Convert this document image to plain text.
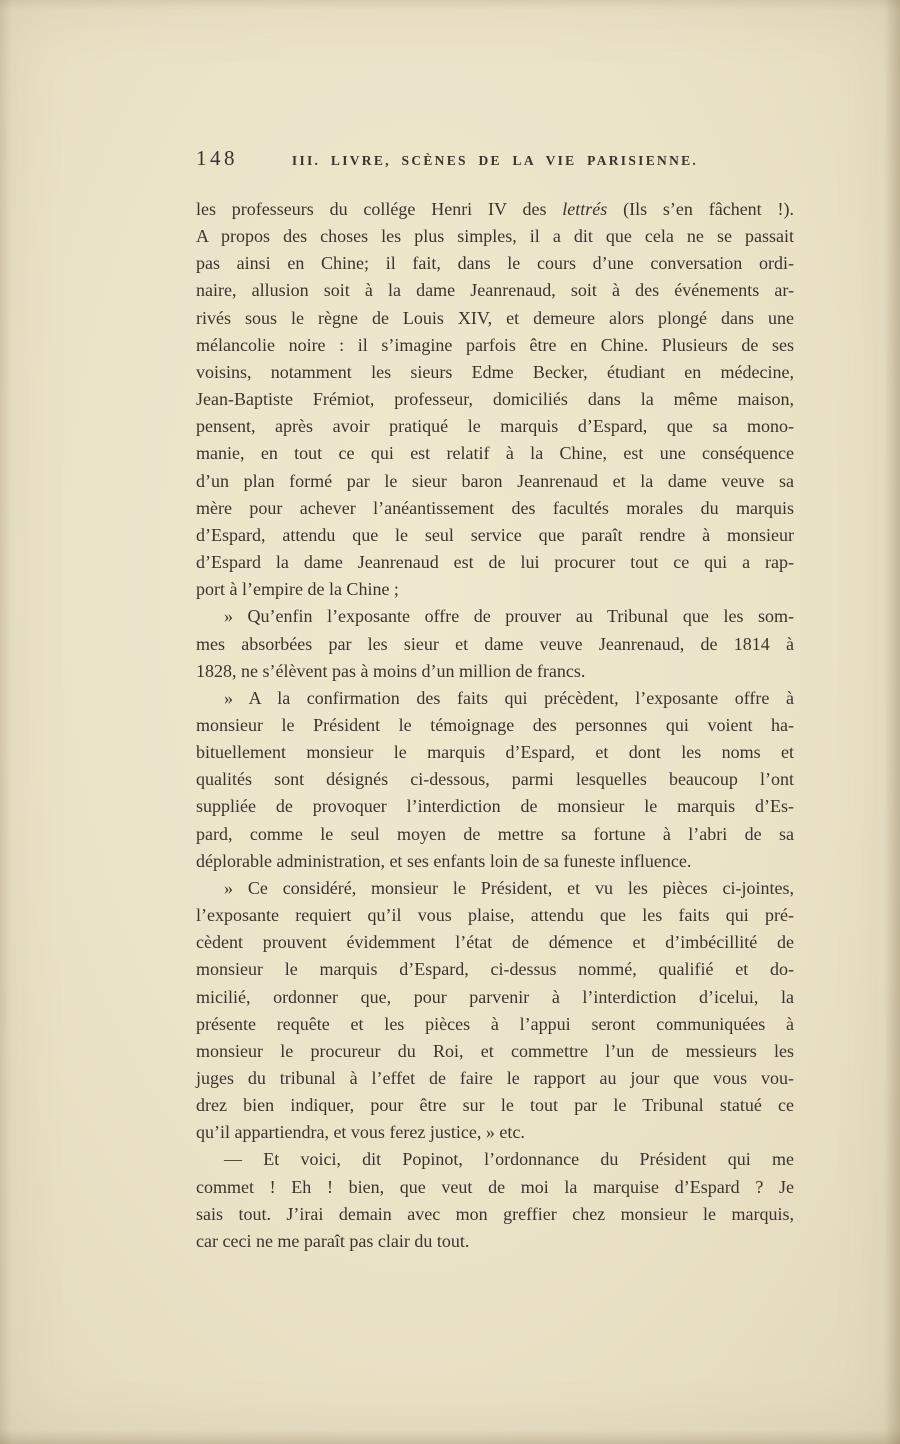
148	III. LIVRE, SCÈNES DE LA VIE PARISIENNE.
les professeurs du collége Henri IV des lettrés (Ils s’en fâchent !).
A propos des choses les plus simples, il a dit que cela ne se passait
pas ainsi en Chine; il fait, dans le cours d’une conversation ordi-
naire, allusion soit à la dame Jeanrenaud, soit à des événements ar-
rivés sous le règne de Louis XIV, et demeure alors plongé dans une
mélancolie noire : il s’imagine parfois être en Chine. Plusieurs de ses
voisins, notamment les sieurs Edme Becker, étudiant en médecine,
Jean-Baptiste Frémiot, professeur, domiciliés dans la même maison,
pensent, après avoir pratiqué le marquis d’Espard, que sa mono-
manie, en tout ce qui est relatif à la Chine, est une conséquence
d’un plan formé par le sieur baron Jeanrenaud et la dame veuve sa
mère pour achever l’anéantissement des facultés morales du marquis
d’Espard, attendu que le seul service que paraît rendre à monsieur
d’Espard la dame Jeanrenaud est de lui procurer tout ce qui a rap-
port à l’empire de la Chine ;
» Qu’enfin l’exposante offre de prouver au Tribunal que les som-
mes absorbées par les sieur et dame veuve Jeanrenaud, de 1814 à
1828, ne s’élèvent pas à moins d’un million de francs.
» A la confirmation des faits qui précèdent, l’exposante offre à
monsieur le Président le témoignage des personnes qui voient ha-
bituellement monsieur le marquis d’Espard, et dont les noms et
qualités sont désignés ci-dessous, parmi lesquelles beaucoup l’ont
suppliée de provoquer l’interdiction de monsieur le marquis d’Es-
pard, comme le seul moyen de mettre sa fortune à l’abri de sa
déplorable administration, et ses enfants loin de sa funeste influence.
» Ce considéré, monsieur le Président, et vu les pièces ci-jointes,
l’exposante requiert qu’il vous plaise, attendu que les faits qui pré-
cèdent prouvent évidemment l’état de démence et d’imbécillité de
monsieur le marquis d’Espard, ci-dessus nommé, qualifié et do-
micilié, ordonner que, pour parvenir à l’interdiction d’icelui, la
présente requête et les pièces à l’appui seront communiquées à
monsieur le procureur du Roi, et commettre l’un de messieurs les
juges du tribunal à l’effet de faire le rapport au jour que vous vou-
drez bien indiquer, pour être sur le tout par le Tribunal statué ce
qu’il appartiendra, et vous ferez justice, » etc.
— Et voici, dit Popinot, l’ordonnance du Président qui me
commet ! Eh ! bien, que veut de moi la marquise d’Espard ? Je
sais tout. J’irai demain avec mon greffier chez monsieur le marquis,
car ceci ne me paraît pas clair du tout.
